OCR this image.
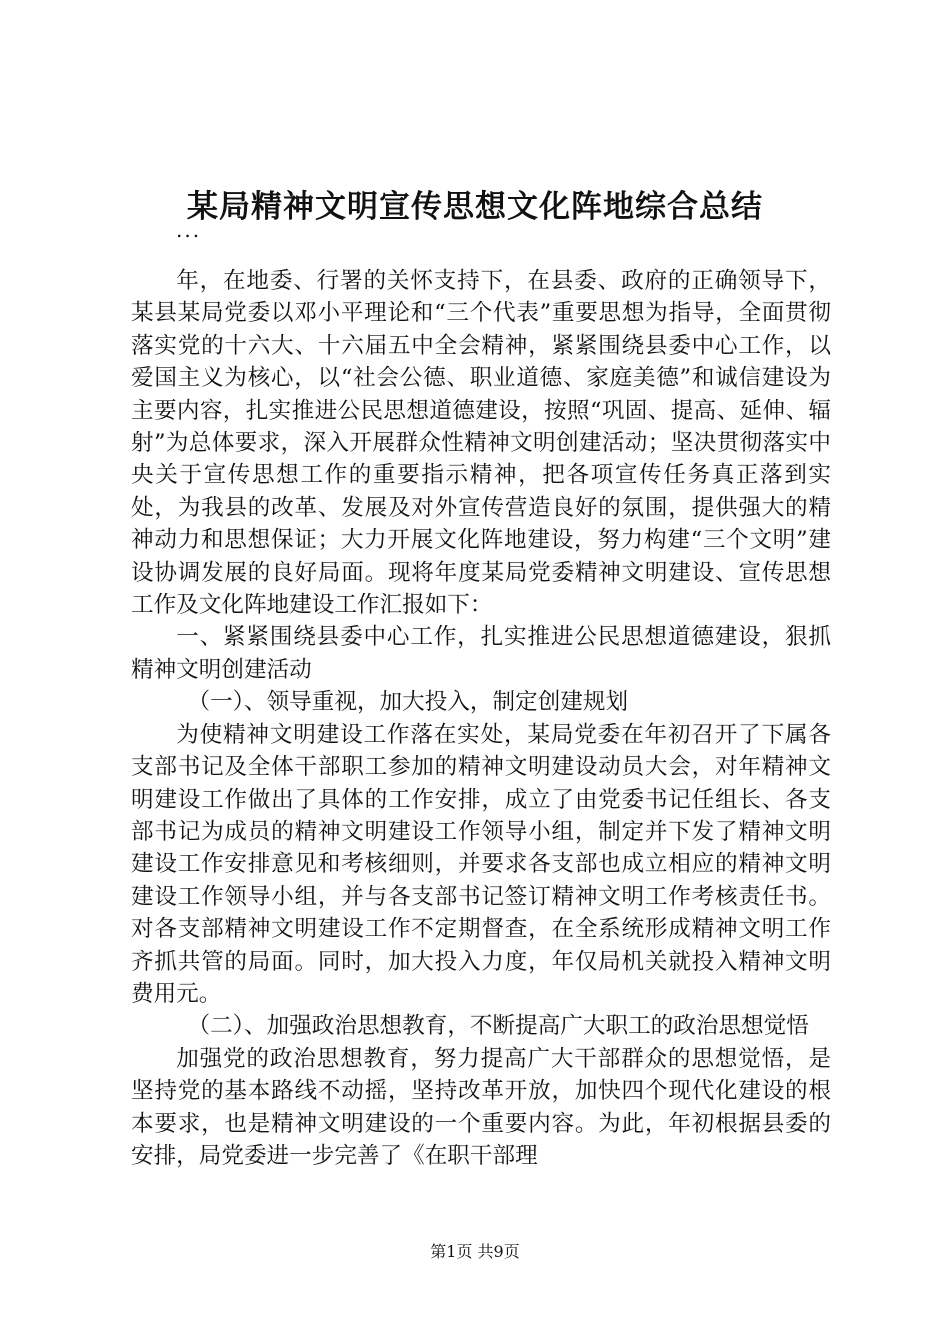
某局精神文明宣传思想文化阵地综合总结
...

年，在地委、行署的关怀支持下，在县委、政府的正确领导下，某县某局党委以邓小平理论和“三个代表”重要思想为指导，全面贯彻落实党的十六大、十六届五中全会精神，紧紧围绕县委中心工作，以爱国主义为核心，以“社会公德、职业道德、家庭美德”和诚信建设为主要内容，扎实推进公民思想道德建设，按照“巩固、提高、延伸、辐射”为总体要求，深入开展群众性精神文明创建活动；坚决贯彻落实中央关于宣传思想工作的重要指示精神，把各项宣传任务真正落到实处，为我县的改革、发展及对外宣传营造良好的氛围，提供强大的精神动力和思想保证；大力开展文化阵地建设，努力构建“三个文明”建设协调发展的良好局面。现将年度某局党委精神文明建设、宣传思想工作及文化阵地建设工作汇报如下：

一、紧紧围绕县委中心工作，扎实推进公民思想道德建设，狠抓精神文明创建活动

（一）、领导重视，加大投入，制定创建规划

为使精神文明建设工作落在实处，某局党委在年初召开了下属各支部书记及全体干部职工参加的精神文明建设动员大会，对年精神文明建设工作做出了具体的工作安排，成立了由党委书记任组长、各支部书记为成员的精神文明建设工作领导小组，制定并下发了精神文明建设工作安排意见和考核细则，并要求各支部也成立相应的精神文明建设工作领导小组，并与各支部书记签订精神文明工作考核责任书。对各支部精神文明建设工作不定期督查，在全系统形成精神文明工作齐抓共管的局面。同时，加大投入力度，年仅局机关就投入精神文明费用元。

（二）、加强政治思想教育，不断提高广大职工的政治思想觉悟

加强党的政治思想教育，努力提高广大干部群众的思想觉悟，是坚持党的基本路线不动摇，坚持改革开放，加快四个现代化建设的根本要求，也是精神文明建设的一个重要内容。为此，年初根据县委的安排，局党委进一步完善了《在职干部理

第1页 共9页
